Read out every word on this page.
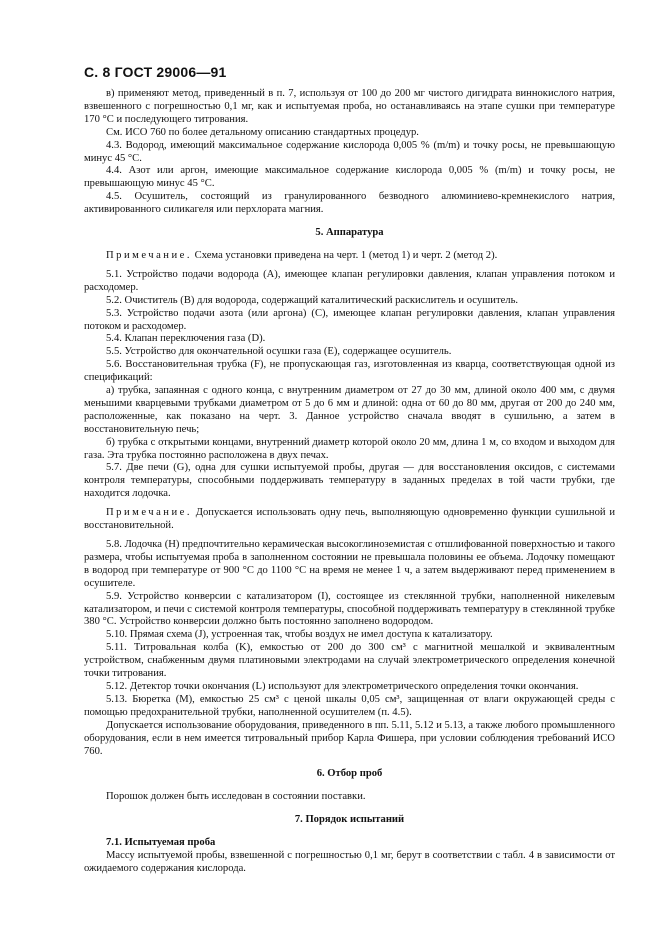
С. 8 ГОСТ 29006—91

в) применяют метод, приведенный в п. 7, используя от 100 до 200 мг чистого дигидрата виннокислого натрия, взвешенного с погрешностью 0,1 мг, как и испытуемая проба, но останавливаясь на этапе сушки при температуре 170 °С и последующего титрования.

См. ИСО 760 по более детальному описанию стандартных процедур.

4.3. Водород, имеющий максимальное содержание кислорода 0,005 % (m/m) и точку росы, не превышающую минус 45 °С.

4.4. Азот или аргон, имеющие максимальное содержание кислорода 0,005 % (m/m) и точку росы, не превышающую минус 45 °С.

4.5. Осушитель, состоящий из гранулированного безводного алюминиево-кремнекислого натрия, активированного силикагеля или перхлората магния.

5. Аппаратура

Примечание. Схема установки приведена на черт. 1 (метод 1) и черт. 2 (метод 2).

5.1. Устройство подачи водорода (A), имеющее клапан регулировки давления, клапан управления потоком и расходомер.

5.2. Очиститель (B) для водорода, содержащий каталитический раскислитель и осушитель.

5.3. Устройство подачи азота (или аргона) (C), имеющее клапан регулировки давления, клапан управления потоком и расходомер.

5.4. Клапан переключения газа (D).

5.5. Устройство для окончательной осушки газа (E), содержащее осушитель.

5.6. Восстановительная трубка (F), не пропускающая газ, изготовленная из кварца, соответствующая одной из спецификаций:

а) трубка, запаянная с одного конца, с внутренним диаметром от 27 до 30 мм, длиной около 400 мм, с двумя меньшими кварцевыми трубками диаметром от 5 до 6 мм и длиной: одна от 60 до 80 мм, другая от 200 до 240 мм, расположенные, как показано на черт. 3. Данное устройство сначала вводят в сушильню, а затем в восстановительную печь;

б) трубка с открытыми концами, внутренний диаметр которой около 20 мм, длина 1 м, со входом и выходом для газа. Эта трубка постоянно расположена в двух печах.

5.7. Две печи (G), одна для сушки испытуемой пробы, другая — для восстановления оксидов, с системами контроля температуры, способными поддерживать температуру в заданных пределах в той части трубки, где находится лодочка.

Примечание. Допускается использовать одну печь, выполняющую одновременно функции сушильной и восстановительной.

5.8. Лодочка (H) предпочтительно керамическая высокоглиноземистая с отшлифованной поверхностью и такого размера, чтобы испытуемая проба в заполненном состоянии не превышала половины ее объема. Лодочку помещают в водород при температуре от 900 °С до 1100 °С на время не менее 1 ч, а затем выдерживают перед применением в осушителе.

5.9. Устройство конверсии с катализатором (I), состоящее из стеклянной трубки, наполненной никелевым катализатором, и печи с системой контроля температуры, способной поддерживать температуру в стеклянной трубке 380 °С. Устройство конверсии должно быть постоянно заполнено водородом.

5.10. Прямая схема (J), устроенная так, чтобы воздух не имел доступа к катализатору.

5.11. Титровальная колба (K), емкостью от 200 до 300 см³ с магнитной мешалкой и эквивалентным устройством, снабженным двумя платиновыми электродами на случай электрометрического определения конечной точки титрования.

5.12. Детектор точки окончания (L) используют для электрометрического определения точки окончания.

5.13. Бюретка (M), емкостью 25 см³ с ценой шкалы 0,05 см³, защищенная от влаги окружающей среды с помощью предохранительной трубки, наполненной осушителем (п. 4.5).

Допускается использование оборудования, приведенного в пп. 5.11, 5.12 и 5.13, а также любого промышленного оборудования, если в нем имеется титровальный прибор Карла Фишера, при условии соблюдения требований ИСО 760.

6. Отбор проб

Порошок должен быть исследован в состоянии поставки.

7. Порядок испытаний

7.1. Испытуемая проба

Массу испытуемой пробы, взвешенной с погрешностью 0,1 мг, берут в соответствии с табл. 4 в зависимости от ожидаемого содержания кислорода.
